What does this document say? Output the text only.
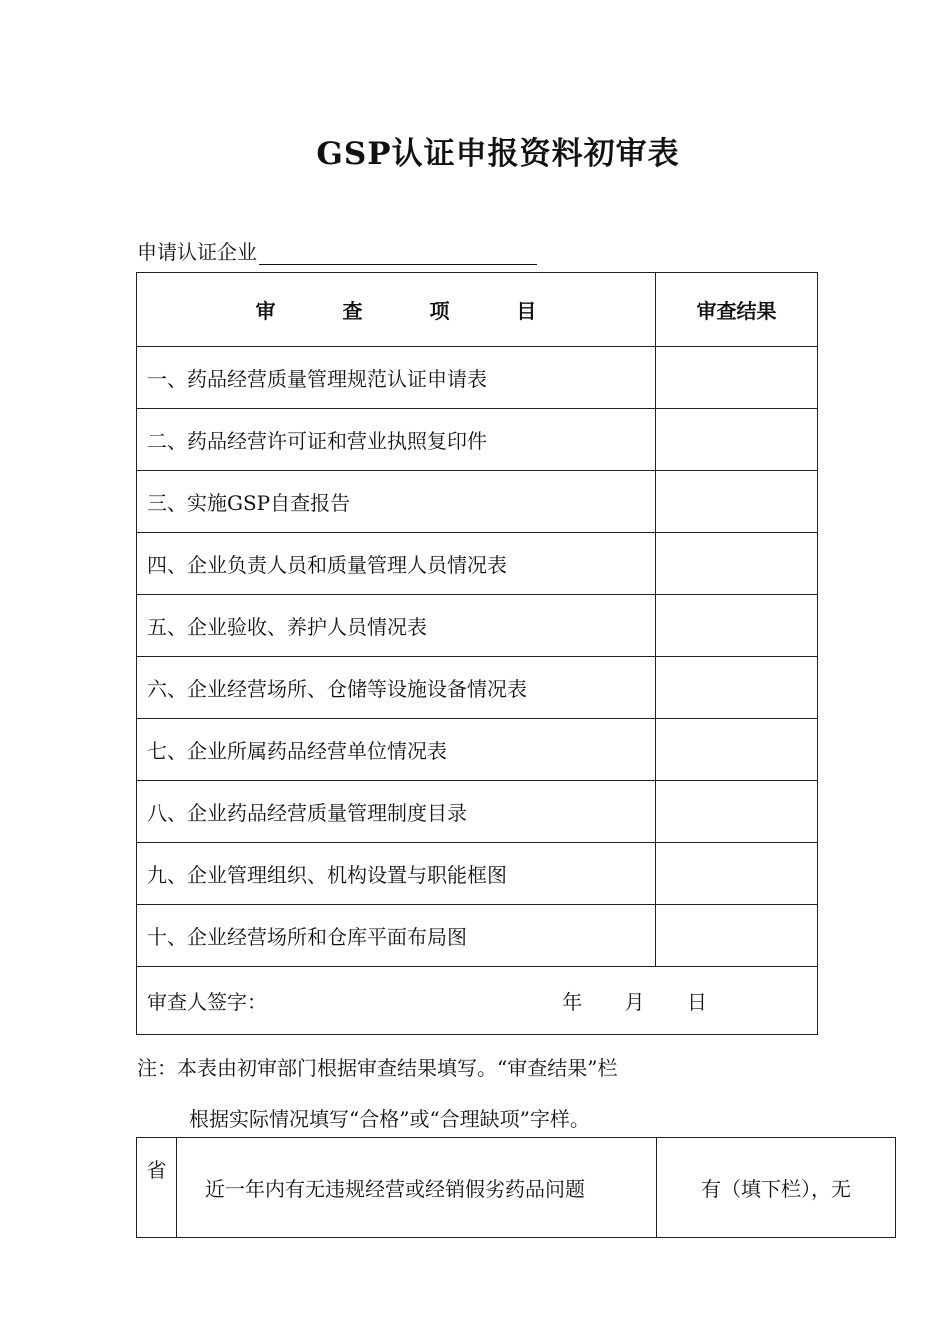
GSP认证申报资料初审表
申请认证企业
审 查 项 目	审查结果
一、药品经营质量管理规范认证申请表	
二、药品经营许可证和营业执照复印件	
三、实施GSP自查报告	
四、企业负责人员和质量管理人员情况表	
五、企业验收、养护人员情况表	
六、企业经营场所、仓储等设施设备情况表	
七、企业所属药品经营单位情况表	
八、企业药品经营质量管理制度目录	
九、企业管理组织、机构设置与职能框图	
十、企业经营场所和仓库平面布局图	

审查人签字： 年 月 日	
注：本表由初审部门根据审查结果填写。“审查结果”栏
根据实际情况填写“合格”或“合理缺项”字样。
省	近一年内有无违规经营或经销假劣药品问题	有（填下栏），无
